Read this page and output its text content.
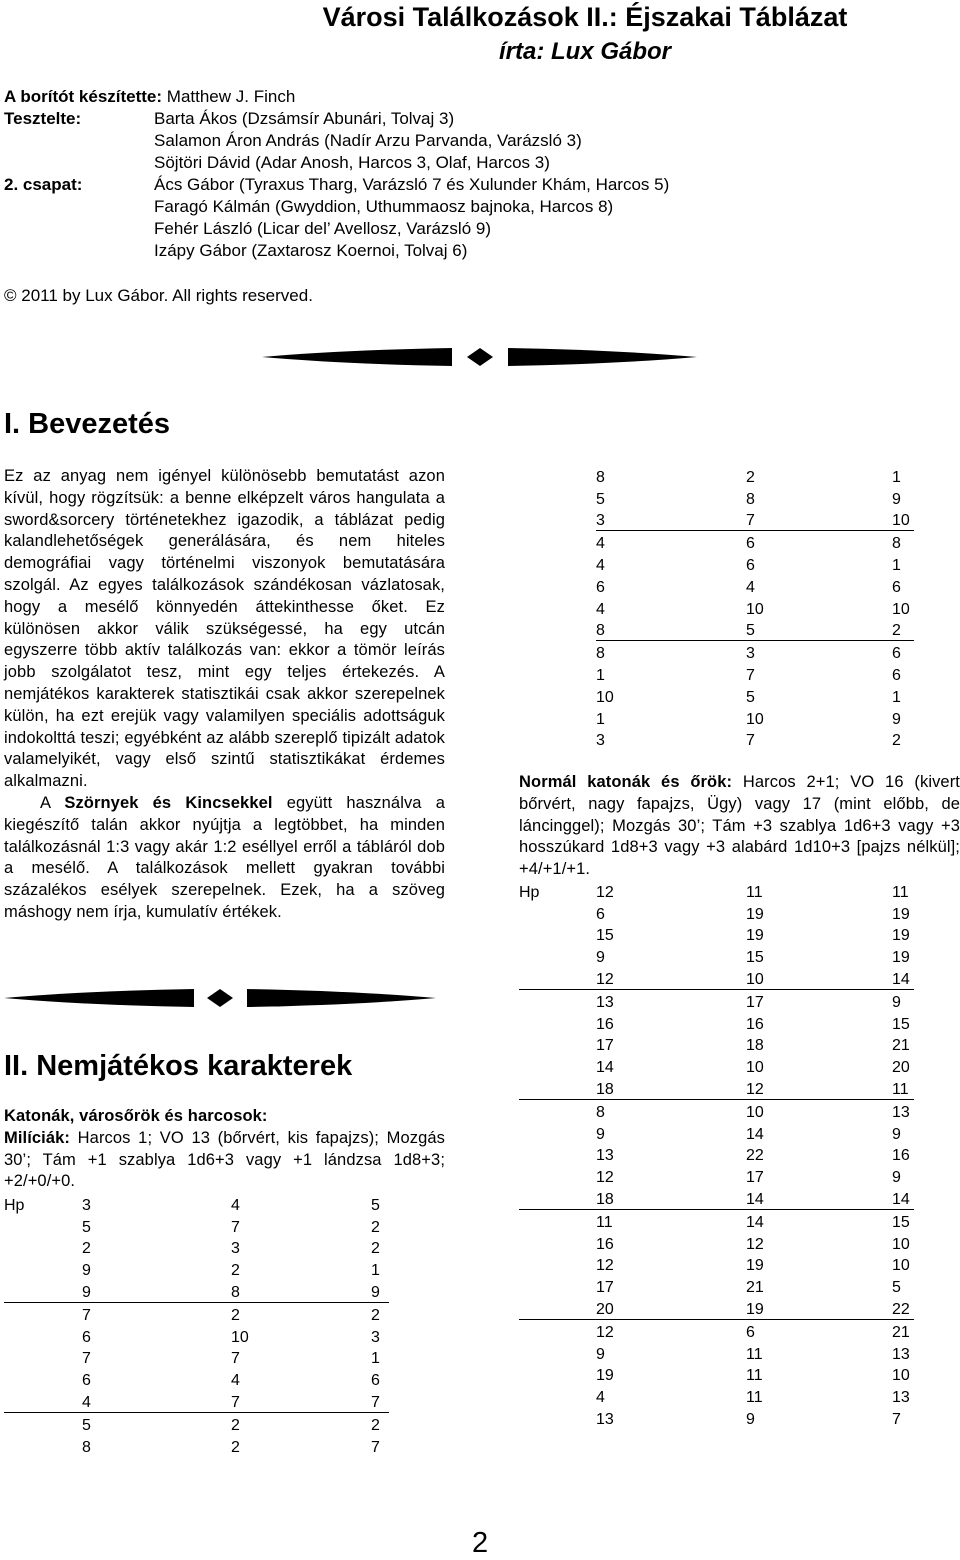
Városi Találkozások II.: Éjszakai Táblázat
írta: Lux Gábor
A borítót készítette: Matthew J. Finch
Tesztelte:	Barta Ákos (Dzsámsír Abunári, Tolvaj 3)
Salamon Áron András (Nadír Arzu Parvanda, Varázsló 3)
Söjtöri Dávid (Adar Anosh, Harcos 3, Olaf, Harcos 3)
2. csapat:	Ács Gábor (Tyraxus Tharg, Varázsló 7 és Xulunder Khám, Harcos 5)
Faragó Kálmán (Gwyddion, Uthummaosz bajnoka, Harcos 8)
Fehér László (Licar del’ Avellosz, Varázsló 9)
Izápy Gábor (Zaxtarosz Koernoi, Tolvaj 6)
© 2011 by Lux Gábor. All rights reserved.
I. Bevezetés

Ez az anyag nem igényel különösebb bemutatást azon kívül, hogy rögzítsük: a benne elképzelt város hangulata a sword&sorcery történetekhez igazodik, a táblázat pedig kalandlehetőségek generálására, és nem hiteles demográfiai vagy történelmi viszonyok bemutatására szolgál. Az egyes találkozások szándékosan vázlatosak, hogy a mesélő könnyedén áttekinthesse őket. Ez különösen akkor válik szükségessé, ha egy utcán egyszerre több aktív találkozás van: ekkor a tömör leírás jobb szolgálatot tesz, mint egy teljes értekezés. A nemjátékos karakterek statisztikái csak akkor szerepelnek külön, ha ezt erejük vagy valamilyen speciális adottságuk indokolttá teszi; egyébként az alább szereplő tipizált adatok valamelyikét, vagy első szintű statisztikákat érdemes alkalmazni.

A Szörnyek és Kincsekkel együtt használva a kiegészítő talán akkor nyújtja a legtöbbet, ha minden találkozásnál 1:3 vagy akár 1:2 eséllyel erről a tábláról dob a mesélő. A találkozások mellett gyakran további százalékos esélyek szerepelnek. Ezek, ha a szöveg máshogy nem írja, kumulatív értékek.

II. Nemjátékos karakterek

Katonák, városőrök és harcosok:

Milíciák: Harcos 1; VO 13 (bőrvért, kis fapajzs); Mozgás 30’; Tám +1 szablya 1d6+3 vagy +1 lándzsa 1d8+3; +2/+0/+0.

Hp	3	4	5	
	5	7	2	
	2	3	2	
	9	2	1	
	9	8	9	
	7	2	2	
	6	10	3	
	7	7	1	
	6	4	6	
	4	7	7	
	5	2	2	
	8	2	7	
8	2	1	
5	8	9	
3	7	10	
4	6	8	
4	6	1	
6	4	6	
4	10	10	
8	5	2	
8	3	6	
1	7	6	
10	5	1	
1	10	9	
3	7	2	

Normál katonák és őrök: Harcos 2+1; VO 16 (kivert bőrvért, nagy fapajzs, Ügy) vagy 17 (mint előbb, de láncinggel); Mozgás 30’; Tám +3 szablya 1d6+3 vagy +3 hosszúkard 1d8+3 vagy +3 alabárd 1d10+3 [pajzs nélkül]; +4/+1/+1.

Hp	12	11	11	
	6	19	19	
	15	19	19	
	9	15	19	
	12	10	14	
	13	17	9	
	16	16	15	
	17	18	21	
	14	10	20	
	18	12	11	
	8	10	13	
	9	14	9	
	13	22	16	
	12	17	9	
	18	14	14	
	11	14	15	
	16	12	10	
	12	19	10	
	17	21	5	
	20	19	22	
	12	6	21	
	9	11	13	
	19	11	10	
	4	11	13	
	13	9	7	
2
